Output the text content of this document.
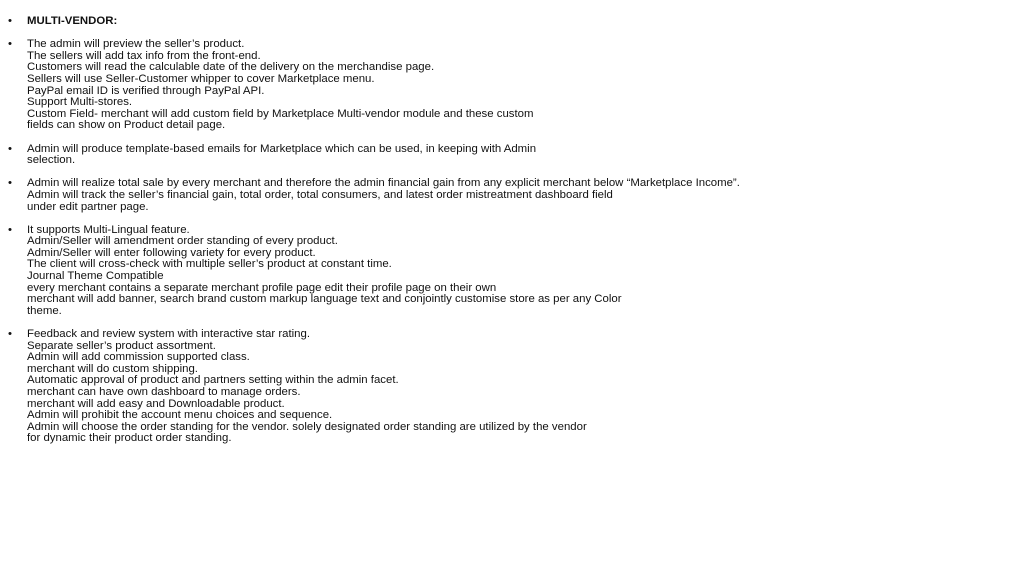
• MULTI-VENDOR:
• The admin will preview the seller’s product.
The sellers will add tax info from the front-end.
Customers will read the calculable date of the delivery on the merchandise page.
Sellers will use Seller-Customer whipper to cover Marketplace menu.
PayPal email ID is verified through PayPal API.
Support Multi-stores.
Custom Field- merchant will add custom field by Marketplace Multi-vendor module and these custom
fields can show on Product detail page.
• Admin will produce template-based emails for Marketplace which can be used, in keeping with Admin
selection.
• Admin will realize total sale by every merchant and therefore the admin financial gain from any explicit merchant below “Marketplace Income”.
Admin will track the seller’s financial gain, total order, total consumers, and latest order mistreatment dashboard field
under edit partner page.
• It supports Multi-Lingual feature.
Admin/Seller will amendment order standing of every product.
Admin/Seller will enter following variety for every product.
The client will cross-check with multiple seller’s product at constant time.
Journal Theme Compatible
every merchant contains a separate merchant profile page edit their profile page on their own
merchant will add banner, search brand custom markup language text and conjointly customise store as per any Color
theme.
• Feedback and review system with interactive star rating.
Separate seller’s product assortment.
Admin will add commission supported class.
merchant will do custom shipping.
Automatic approval of product and partners setting within the admin facet.
merchant can have own dashboard to manage orders.
merchant will add easy and Downloadable product.
Admin will prohibit the account menu choices and sequence.
Admin will choose the order standing for the vendor. solely designated order standing are utilized by the vendor
for dynamic their product order standing.
